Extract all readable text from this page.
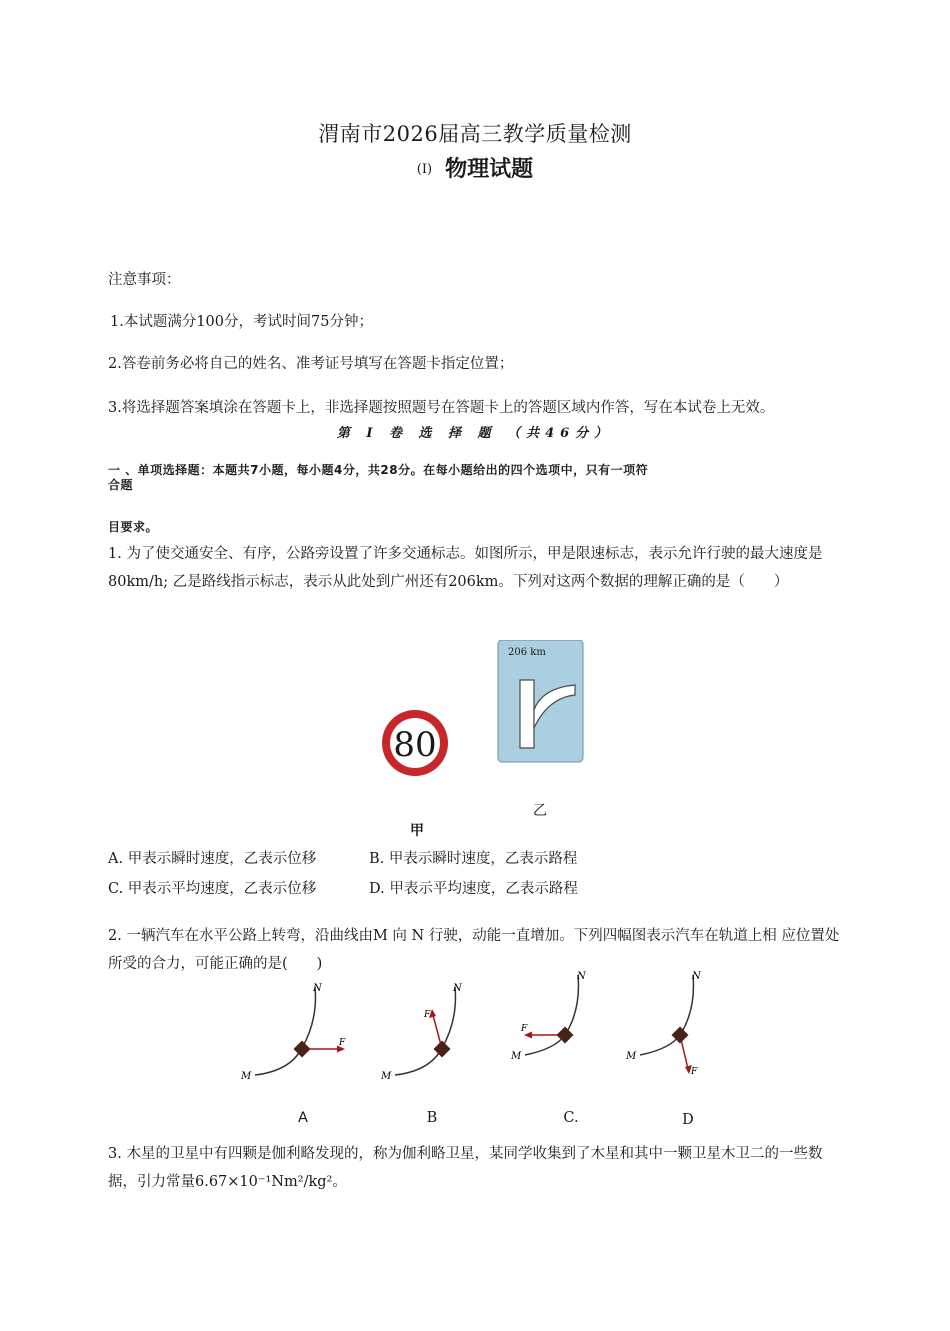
渭南市2026届高三教学质量检测
(I) 物理试题
注意事项：
1.本试题满分100分，考试时间75分钟；
2.答卷前务必将自己的姓名、准考证号填写在答题卡指定位置；
3.将选择题答案填涂在答题卡上，非选择题按照题号在答题卡上的答题区域内作答，写在本试卷上无效。
第 I 卷 选 择 题 （共46分）
一 、单项选择题：本题共7小题，每小题4分，共28分。在每小题给出的四个选项中，只有一项符
合题
目要求。
1. 为了使交通安全、有序，公路旁设置了许多交通标志。如图所示，甲是限速标志，表示允许行驶的最大速度是80km/h; 乙是路线指示标志，表示从此处到广州还有206km。下列对这两个数据的理解正确的是（　　）
80
206 km
乙
甲
A. 甲表示瞬时速度，乙表示位移	B. 甲表示瞬时速度，乙表示路程
C. 甲表示平均速度，乙表示位移	D. 甲表示平均速度，乙表示路程
2. 一辆汽车在水平公路上转弯，沿曲线由M 向 N 行驶，动能一直增加。下列四幅图表示汽车在轨道上相 应位置处所受的合力，可能正确的是(　　)
M
N
F
M
N
F
M
N
F
M
N
F
A	B	C.	D
3. 木星的卫星中有四颗是伽利略发现的，称为伽利略卫星，某同学收集到了木星和其中一颗卫星木卫二的一些数据，引力常量6.67×10⁻¹Nm²/kg²。
